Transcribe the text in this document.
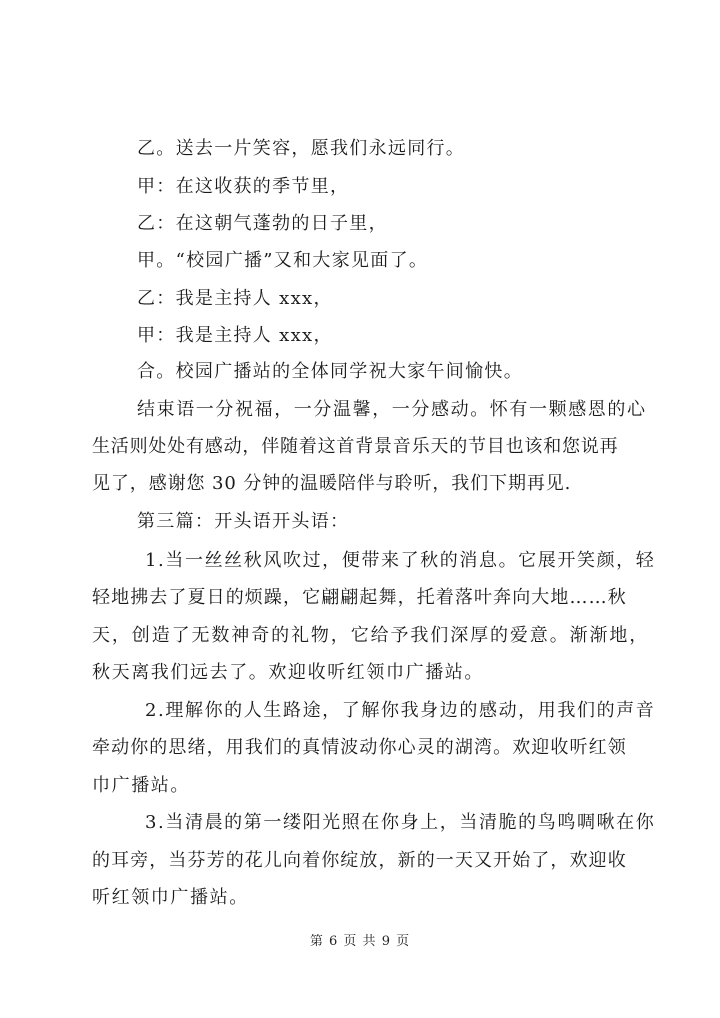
乙。送去一片笑容，愿我们永远同行。
甲：在这收获的季节里，
乙：在这朝气蓬勃的日子里，
甲。“校园广播”又和大家见面了。
乙：我是主持人 xxx，
甲：我是主持人 xxx，
合。校园广播站的全体同学祝大家午间愉快。
结束语一分祝福，一分温馨，一分感动。怀有一颗感恩的心
生活则处处有感动，伴随着这首背景音乐天的节目也该和您说再
见了，感谢您 30 分钟的温暖陪伴与聆听，我们下期再见.
第三篇：开头语开头语：
1.当一丝丝秋风吹过，便带来了秋的消息。它展开笑颜，轻
轻地拂去了夏日的烦躁，它翩翩起舞，托着落叶奔向大地……秋
天，创造了无数神奇的礼物，它给予我们深厚的爱意。渐渐地，
秋天离我们远去了。欢迎收听红领巾广播站。
2.理解你的人生路途，了解你我身边的感动，用我们的声音
牵动你的思绪，用我们的真情波动你心灵的湖湾。欢迎收听红领
巾广播站。
3.当清晨的第一缕阳光照在你身上，当清脆的鸟鸣啁啾在你
的耳旁，当芬芳的花儿向着你绽放，新的一天又开始了，欢迎收
听红领巾广播站。
第 6 页 共 9 页
